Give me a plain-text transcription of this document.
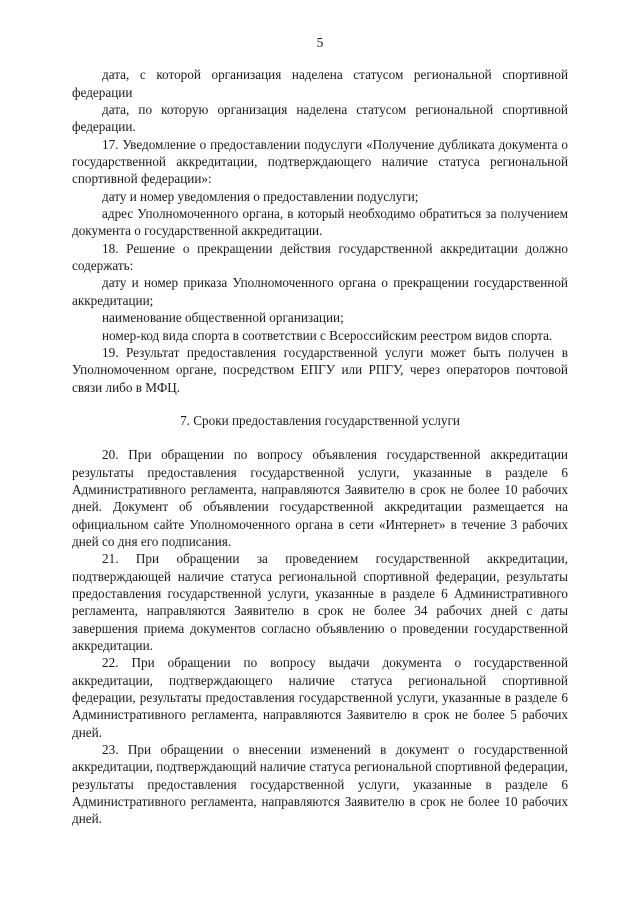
5

дата, с которой организация наделена статусом региональной спортивной федерации

дата, по которую организация наделена статусом региональной спортивной федерации.

17. Уведомление о предоставлении подуслуги «Получение дубликата документа о государственной аккредитации, подтверждающего наличие статуса региональной спортивной федерации»:

дату и номер уведомления о предоставлении подуслуги;

адрес Уполномоченного органа, в который необходимо обратиться за получением документа о государственной аккредитации.

18. Решение о прекращении действия государственной аккредитации должно содержать:

дату и номер приказа Уполномоченного органа о прекращении государственной аккредитации;

наименование общественной организации;

номер-код вида спорта в соответствии с Всероссийским реестром видов спорта.

19. Результат предоставления государственной услуги может быть получен в Уполномоченном органе, посредством ЕПГУ или РПГУ, через операторов почтовой связи либо в МФЦ.

7. Сроки предоставления государственной услуги

20. При обращении по вопросу объявления государственной аккредитации результаты предоставления государственной услуги, указанные в разделе 6 Административного регламента, направляются Заявителю в срок не более 10 рабочих дней. Документ об объявлении государственной аккредитации размещается на официальном сайте Уполномоченного органа в сети «Интернет» в течение 3 рабочих дней со дня его подписания.

21. При обращении за проведением государственной аккредитации, подтверждающей наличие статуса региональной спортивной федерации, результаты предоставления государственной услуги, указанные в разделе 6 Административного регламента, направляются Заявителю в срок не более 34 рабочих дней с даты завершения приема документов согласно объявлению о проведении государственной аккредитации.

22. При обращении по вопросу выдачи документа о государственной аккредитации, подтверждающего наличие статуса региональной спортивной федерации, результаты предоставления государственной услуги, указанные в разделе 6 Административного регламента, направляются Заявителю в срок не более 5 рабочих дней.

23. При обращении о внесении изменений в документ о государственной аккредитации, подтверждающий наличие статуса региональной спортивной федерации, результаты предоставления государственной услуги, указанные в разделе 6 Административного регламента, направляются Заявителю в срок не более 10 рабочих дней.
